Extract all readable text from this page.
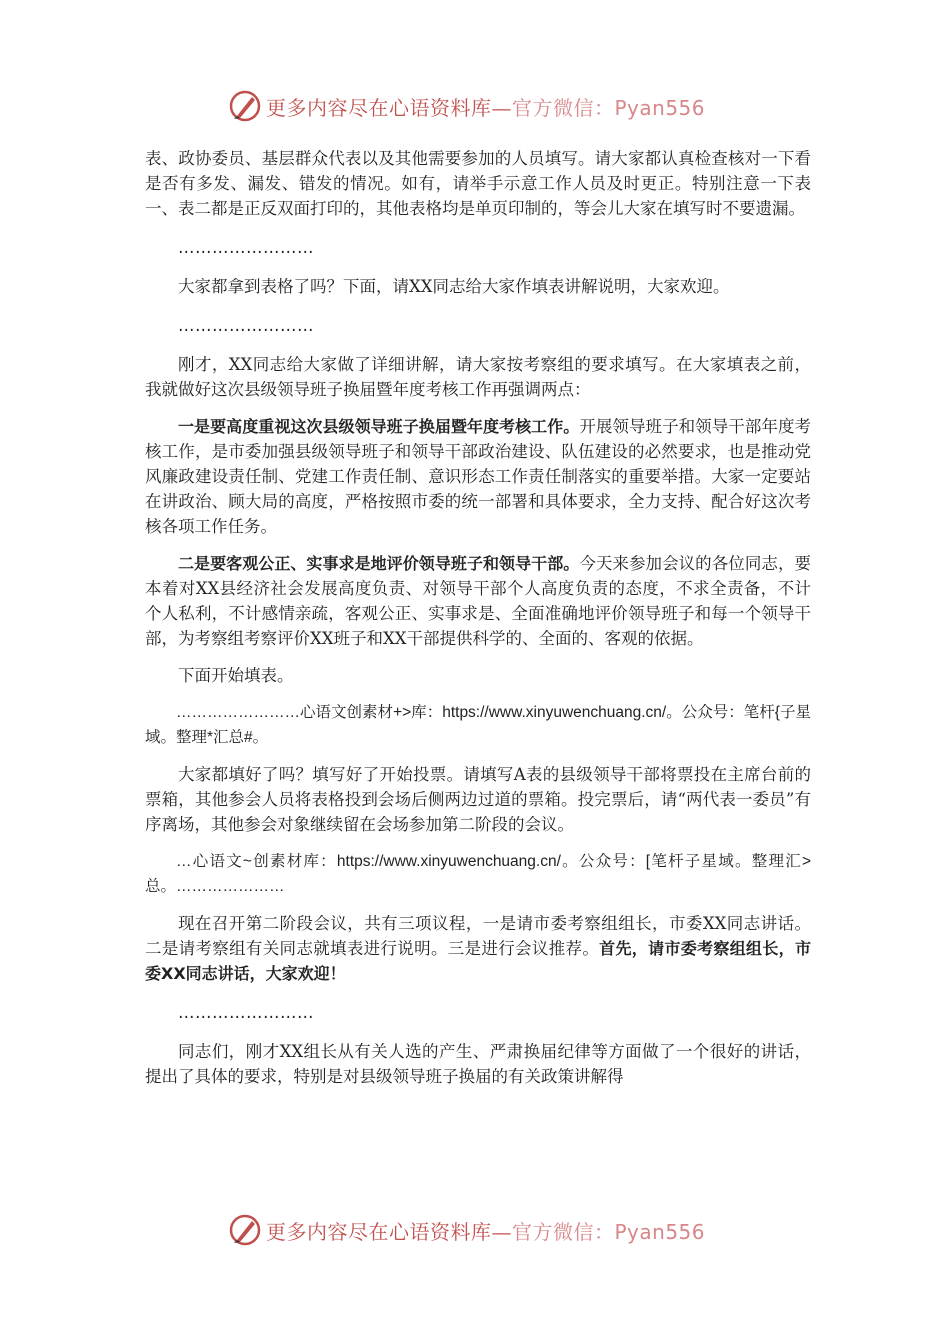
更多内容尽在心语资料库—官方微信：Pyan556

表、政协委员、基层群众代表以及其他需要参加的人员填写。请大家都认真检查核对一下看是否有多发、漏发、错发的情况。如有，请举手示意工作人员及时更正。特别注意一下表一、表二都是正反双面打印的，其他表格均是单页印制的，等会儿大家在填写时不要遗漏。

……………………

大家都拿到表格了吗？下面，请XX同志给大家作填表讲解说明，大家欢迎。

……………………

刚才，XX同志给大家做了详细讲解，请大家按考察组的要求填写。在大家填表之前，我就做好这次县级领导班子换届暨年度考核工作再强调两点：

一是要高度重视这次县级领导班子换届暨年度考核工作。开展领导班子和领导干部年度考核工作，是市委加强县级领导班子和领导干部政治建设、队伍建设的必然要求，也是推动党风廉政建设责任制、党建工作责任制、意识形态工作责任制落实的重要举措。大家一定要站在讲政治、顾大局的高度，严格按照市委的统一部署和具体要求，全力支持、配合好这次考核各项工作任务。

二是要客观公正、实事求是地评价领导班子和领导干部。今天来参加会议的各位同志，要本着对XX县经济社会发展高度负责、对领导干部个人高度负责的态度，不求全责备，不计个人私利，不计感情亲疏，客观公正、实事求是、全面准确地评价领导班子和每一个领导干部，为考察组考察评价XX班子和XX干部提供科学的、全面的、客观的依据。

下面开始填表。

……………………心语文创素材+>库：https://www.xinyuwenchuang.cn/。公众号：笔杆{子星域。整理*汇总#。

大家都填好了吗？填写好了开始投票。请填写A表的县级领导干部将票投在主席台前的票箱，其他参会人员将表格投到会场后侧两边过道的票箱。投完票后，请“两代表一委员”有序离场，其他参会对象继续留在会场参加第二阶段的会议。

…心语文~创素材库：https://www.xinyuwenchuang.cn/。公众号：[笔杆子星域。整理汇>总。…………………

现在召开第二阶段会议，共有三项议程，一是请市委考察组组长，市委XX同志讲话。二是请考察组有关同志就填表进行说明。三是进行会议推荐。首先，请市委考察组组长，市委XX同志讲话，大家欢迎！

……………………

同志们，刚才XX组长从有关人选的产生、严肃换届纪律等方面做了一个很好的讲话，提出了具体的要求，特别是对县级领导班子换届的有关政策讲解得

更多内容尽在心语资料库—官方微信：Pyan556
